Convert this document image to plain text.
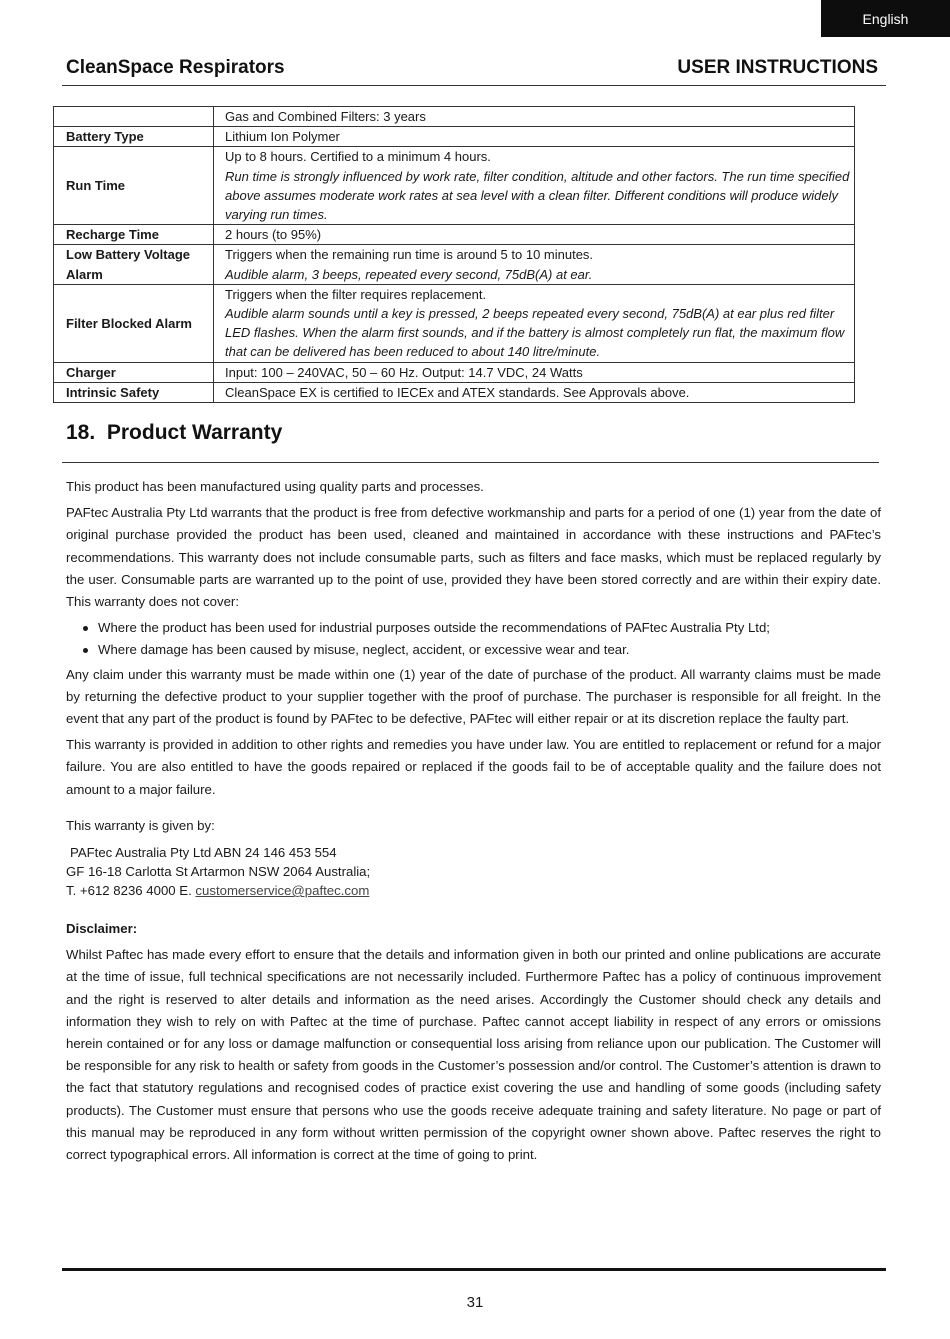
English
CleanSpace Respirators	USER INSTRUCTIONS
	Gas and Combined Filters: 3 years
Battery Type	Lithium Ion Polymer
Run Time	Up to 8 hours. Certified to a minimum 4 hours.
Run time is strongly influenced by work rate, filter condition, altitude and other factors. The run time specified above assumes moderate work rates at sea level with a clean filter. Different conditions will produce widely varying run times.

Recharge Time	2 hours (to 95%)
Low Battery Voltage Alarm	Triggers when the remaining run time is around 5 to 10 minutes.
Audible alarm, 3 beeps, repeated every second, 75dB(A) at ear.

Filter Blocked Alarm	Triggers when the filter requires replacement.
Audible alarm sounds until a key is pressed, 2 beeps repeated every second, 75dB(A) at ear plus red filter LED flashes. When the alarm first sounds, and if the battery is almost completely run flat, the maximum flow that can be delivered has been reduced to about 140 litre/minute.

Charger	Input: 100 – 240VAC, 50 – 60 Hz. Output: 14.7 VDC, 24 Watts
Intrinsic Safety	CleanSpace EX is certified to IECEx and ATEX standards. See Approvals above.
18. Product Warranty

This product has been manufactured using quality parts and processes.

PAFtec Australia Pty Ltd warrants that the product is free from defective workmanship and parts for a period of one (1) year from the date of original purchase provided the product has been used, cleaned and maintained in accordance with these instructions and PAFtec’s recommendations. This warranty does not include consumable parts, such as filters and face masks, which must be replaced regularly by the user. Consumable parts are warranted up to the point of use, provided they have been stored correctly and are within their expiry date. This warranty does not cover:

Where the product has been used for industrial purposes outside the recommendations of PAFtec Australia Pty Ltd;
Where damage has been caused by misuse, neglect, accident, or excessive wear and tear.

Any claim under this warranty must be made within one (1) year of the date of purchase of the product. All warranty claims must be made by returning the defective product to your supplier together with the proof of purchase. The purchaser is responsible for all freight. In the event that any part of the product is found by PAFtec to be defective, PAFtec will either repair or at its discretion replace the faulty part.

This warranty is provided in addition to other rights and remedies you have under law. You are entitled to replacement or refund for a major failure. You are also entitled to have the goods repaired or replaced if the goods fail to be of acceptable quality and the failure does not amount to a major failure.

This warranty is given by:

PAFtec Australia Pty Ltd ABN 24 146 453 554
GF 16-18 Carlotta St Artarmon NSW 2064 Australia;
T. +612 8236 4000 E. customerservice@paftec.com

Disclaimer:

Whilst Paftec has made every effort to ensure that the details and information given in both our printed and online publications are accurate at the time of issue, full technical specifications are not necessarily included. Furthermore Paftec has a policy of continuous improvement and the right is reserved to alter details and information as the need arises. Accordingly the Customer should check any details and information they wish to rely on with Paftec at the time of purchase. Paftec cannot accept liability in respect of any errors or omissions herein contained or for any loss or damage malfunction or consequential loss arising from reliance upon our publication. The Customer will be responsible for any risk to health or safety from goods in the Customer’s possession and/or control. The Customer’s attention is drawn to the fact that statutory regulations and recognised codes of practice exist covering the use and handling of some goods (including safety products). The Customer must ensure that persons who use the goods receive adequate training and safety literature. No page or part of this manual may be reproduced in any form without written permission of the copyright owner shown above. Paftec reserves the right to correct typographical errors. All information is correct at the time of going to print.

31
